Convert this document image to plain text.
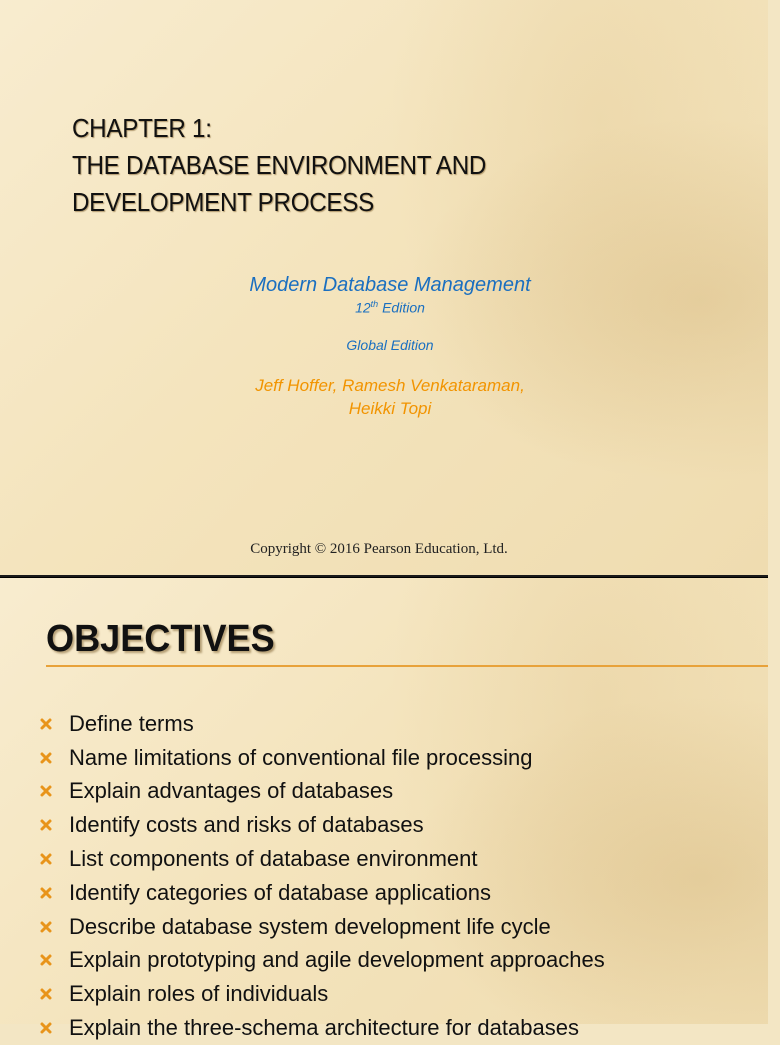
CHAPTER 1:
THE DATABASE ENVIRONMENT AND
DEVELOPMENT PROCESS
Modern Database Management
12th Edition
Global Edition
Jeff Hoffer, Ramesh Venkataraman,
Heikki Topi
Copyright © 2016 Pearson Education, Ltd.
OBJECTIVES
Define terms
Name limitations of conventional file processing
Explain advantages of databases
Identify costs and risks of databases
List components of database environment
Identify categories of database applications
Describe database system development life cycle
Explain prototyping and agile development approaches
Explain roles of individuals
Explain the three-schema architecture for databases
